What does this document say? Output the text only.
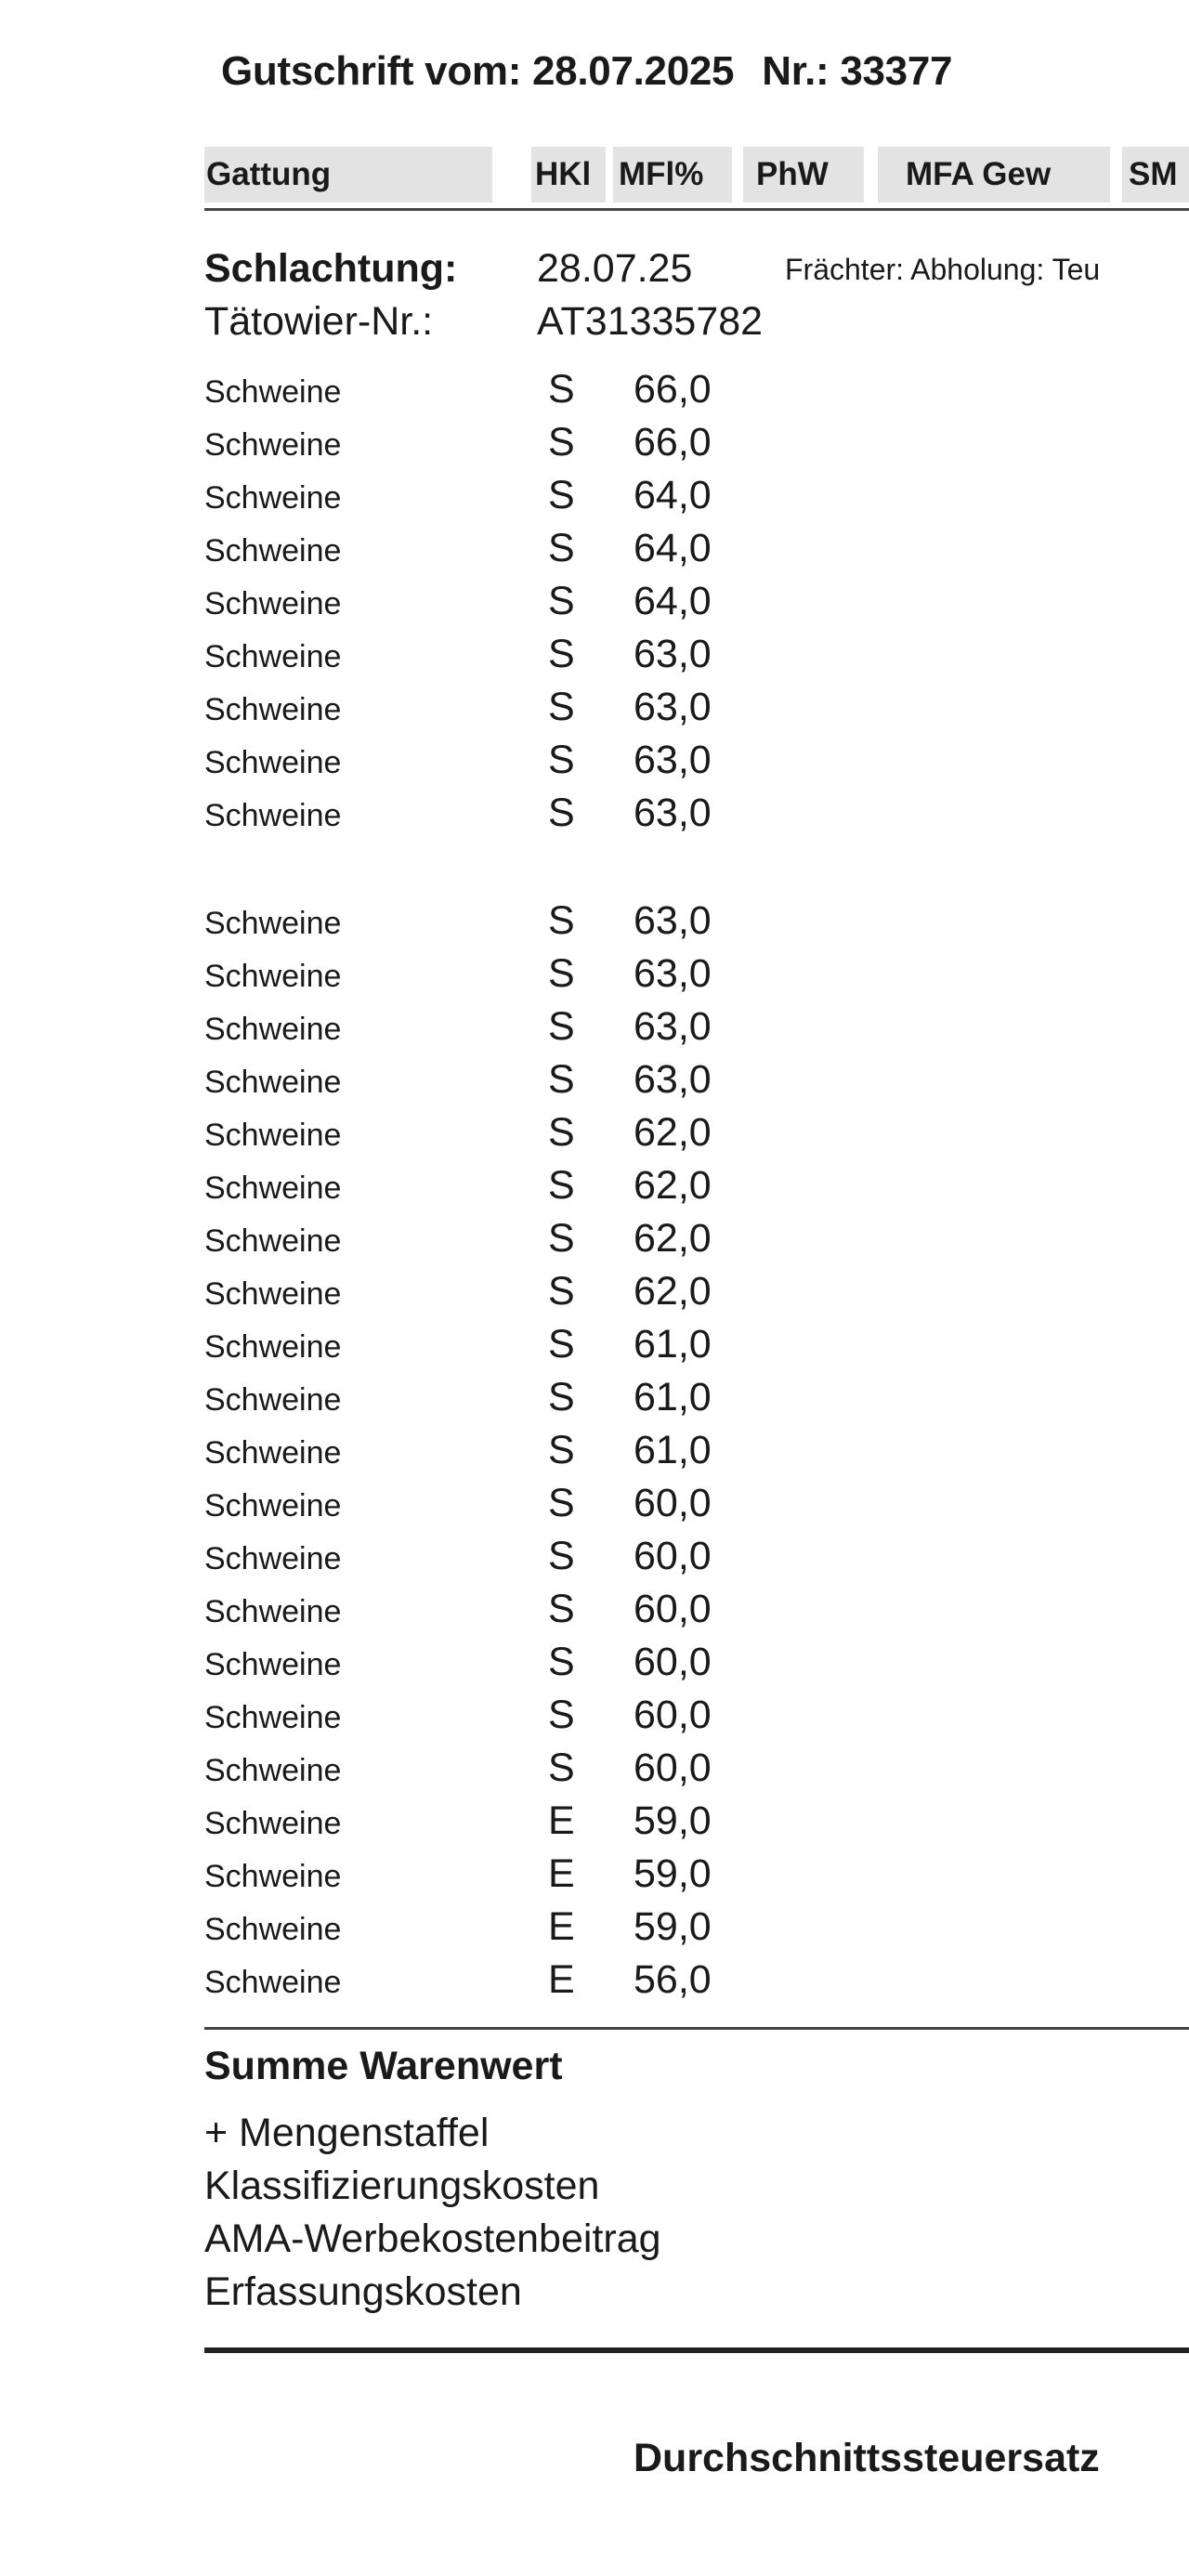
Gutschrift vom: 28.07.2025 Nr.: 33377
Gattung	HKl MFl%	PhW	MFA Gew	SM
Schlachtung: 28.07.25	Frächter: Abholung: Teu
Tätowier-Nr.:	AT31335782
Schweine	S 66,0
Schweine	S 66,0
Schweine	S 64,0
Schweine	S 64,0
Schweine	S 64,0
Schweine	S 63,0
Schweine	S 63,0
Schweine	S 63,0
Schweine	S 63,0
Schweine	S 63,0
Schweine	S 63,0
Schweine	S 63,0
Schweine	S 63,0
Schweine	S 62,0
Schweine	S 62,0
Schweine	S 62,0
Schweine	S 62,0
Schweine	S 61,0
Schweine	S 61,0
Schweine	S 61,0
Schweine	S 60,0
Schweine	S 60,0
Schweine	S 60,0
Schweine	S 60,0
Schweine	S 60,0
Schweine	S 60,0
Schweine	E 59,0
Schweine	E 59,0
Schweine	E 59,0
Schweine	E 56,0
Summe Warenwert
+ Mengenstaffel
Klassifizierungskosten
AMA-Werbekostenbeitrag
Erfassungskosten
Durchschnittssteuersatz
